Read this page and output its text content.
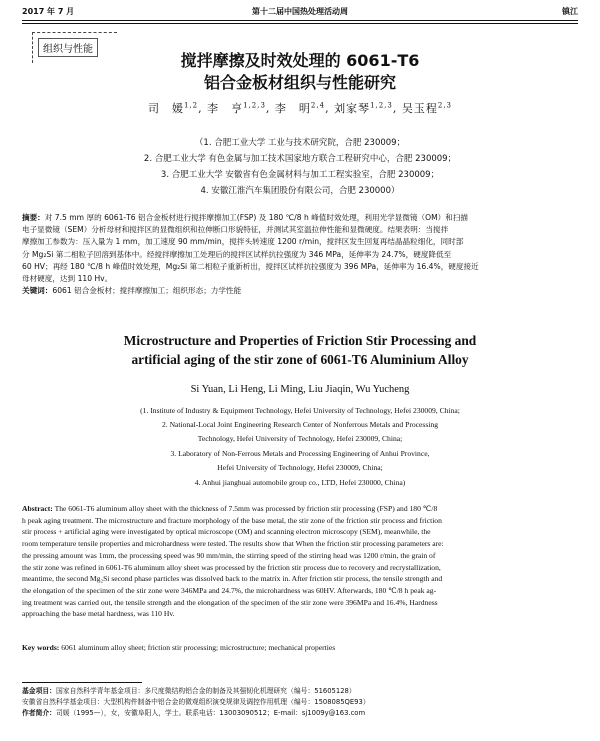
2017 年 7 月	第十二届中国热处理活动周	镇江
组织与性能
搅拌摩擦及时效处理的 6061-T6
铝合金板材组织与性能研究
司　媛$^{1,2}$, 李　亨$^{1,2,3}$, 李　明$^{2,4}$, 刘家琴$^{1,2,3}$, 吴玉程$^{2,3}$
（1. 合肥工业大学 工业与技术研究院，合肥 230009；
2. 合肥工业大学 有色金属与加工技术国家地方联合工程研究中心，合肥 230009；
3. 合肥工业大学 安徽省有色金属材料与加工工程实验室，合肥 230009；
4. 安徽江淮汽车集团股份有限公司，合肥 230000）
摘要：对 7.5 mm 厚的 6061-T6 铝合金板材进行搅拌摩擦加工(FSP) 及 180 ℃/8 h 峰值时效处理，利用光学显微镜（OM）和扫描
电子显微镜（SEM）分析母材和搅拌区的显微组织和拉伸断口形貌特征，并测试其室温拉伸性能和显微硬度。结果表明：当搅拌
摩擦加工参数为：压入量为 1 mm，加工速度 90 mm/min，搅拌头转速度 1200 r/min，搅拌区发生回复再结晶晶粒细化，同时部
分 Mg₂Si 第二相粒子回溶到基体中。经搅拌摩擦加工处理后的搅拌区试样抗拉强度为 346 MPa，延伸率为 24.7%，硬度降低至
60 HV；再经 180 ℃/8 h 峰值时效处理，Mg₂Si 第二相粒子重新析出，搅拌区试样抗拉强度为 396 MPa，延伸率为 16.4%，硬度接近
母材硬度，达到 110 Hv。
关键词：6061 铝合金板材；搅拌摩擦加工；组织形态；力学性能
Microstructure and Properties of Friction Stir Processing and
artificial aging of the stir zone of 6061-T6 Aluminium Alloy
Si Yuan, Li Heng, Li Ming, Liu Jiaqin, Wu Yucheng
(1. Institute of Industry & Equipment Technology, Hefei University of Technology, Hefei 230009, China;
2. National-Local Joint Engineering Research Center of Nonferrous Metals and Processing
Technology, Hefei University of Technology, Hefei 230009, China;
3. Laboratory of Non-Ferrous Metals and Processing Engineering of Anhui Province,
Hefei University of Technology, Hefei 230009, China;
4. Anhui jianghuai automobile group co., LTD, Hefei 230000, China)
Abstract: The 6061-T6 aluminum alloy sheet with the thickness of 7.5mm was processed by friction stir processing (FSP) and 180 ℃/8
h peak aging treatment. The microstructure and fracture morphology of the base metal, the stir zone of the friction stir process and friction
stir process + artificial aging were investigated by optical microscope (OM) and scanning electron microscopy (SEM), meanwhile, the
room temperature tensile properties and microhardness were tested. The results show that When the friction stir processing parameters are:
the pressing amount was 1mm, the processing speed was 90 mm/min, the stirring speed of the stirring head was 1200 r/min, the grain of
the stir zone was refined in 6061-T6 aluminum alloy sheet was processed by the friction stir process due to recovery and recrystallization,
meantime, the second Mg₂Si second phase particles was dissolved back to the matrix in. After friction stir process, the tensile strength and
the elongation of the specimen of the stir zone were 346MPa and 24.7%, the microhardness was 60HV. Afterwards, 180 ℃/8 h peak ag-
ing treatment was carried out, the tensile strength and the elongation of the specimen of the stir zone were 396MPa and 16.4%, Hardness
approaching the base metal hardness, was 110 Hv.
Key words: 6061 aluminum alloy sheet; friction stir processing; microstructure; mechanical properties
基金项目：国家自然科学青年基金项目：多尺度微结构铝合金的制备及其强韧化机理研究（编号：51605128）
安徽省自然科学基金项目：大型机构件制备中铝合金的微观组织演变规律及调控作用机理（编号：1508085QE93）
作者简介：司媛（1995—），女，安徽阜阳人，学士。联系电话：13003090512；E-mail：sj1009y@163.com
